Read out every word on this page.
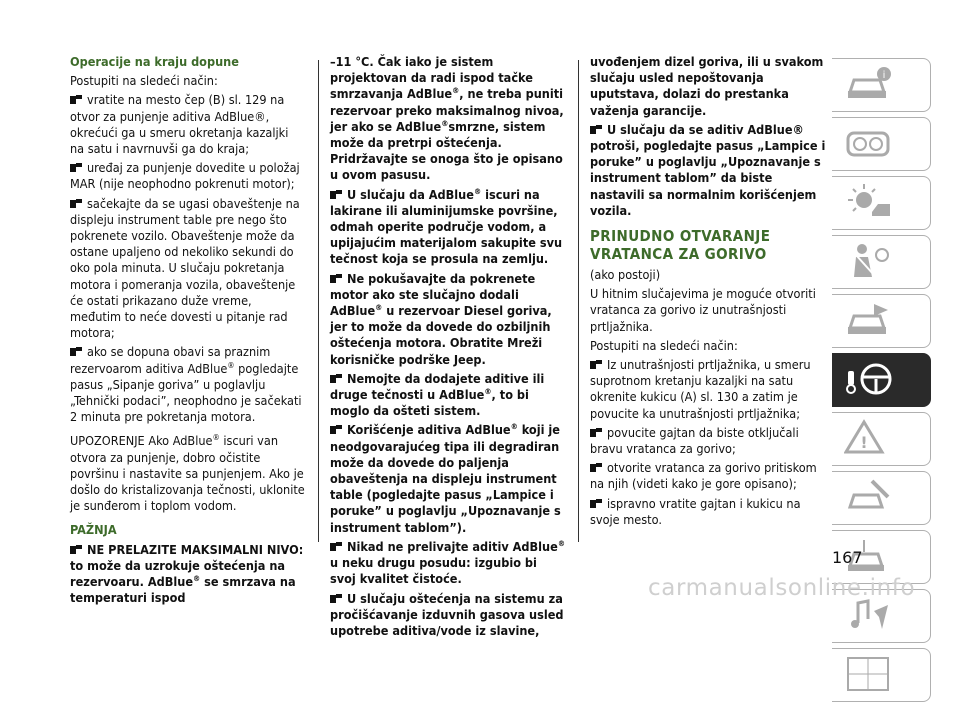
Operacije na kraju dopune

Postupiti na sledeći način:

vratite na mesto čep (B) sl. 129 na otvor za punjenje aditiva AdBlue®, okrećući ga u smeru okretanja kazaljki na satu i navrnuvši ga do kraja;

uređaj za punjenje dovedite u položaj MAR (nije neophodno pokrenuti motor);

sačekajte da se ugasi obaveštenje na displeju instrument table pre nego što pokrenete vozilo. Obaveštenje može da ostane upaljeno od nekoliko sekundi do oko pola minuta. U slučaju pokretanja motora i pomeranja vozila, obaveštenje će ostati prikazano duže vreme, međutim to neće dovesti u pitanje rad motora;

ako se dopuna obavi sa praznim rezervoarom aditiva AdBlue® pogledajte pasus „Sipanje goriva” u poglavlju „Tehnički podaci”, neophodno je sačekati 2 minuta pre pokretanja motora.

UPOZORENJE Ako AdBlue® iscuri van otvora za punjenje, dobro očistite površinu i nastavite sa punjenjem. Ako je došlo do kristalizovanja tečnosti, uklonite je sunđerom i toplom vodom.

PAŽNJA

NE PRELAZITE MAKSIMALNI NIVO: to može da uzrokuje oštećenja na rezervoaru. AdBlue® se smrzava na temperaturi ispod

–11 °C. Čak iako je sistem projektovan da radi ispod tačke smrzavanja AdBlue®, ne treba puniti rezervoar preko maksimalnog nivoa, jer ako se AdBlue®smrzne, sistem može da pretrpi oštećenja. Pridržavajte se onoga što je opisano u ovom pasusu.

U slučaju da AdBlue® iscuri na lakirane ili aluminijumske površine, odmah operite područje vodom, a upijajućim materijalom sakupite svu tečnost koja se prosula na zemlju.

Ne pokušavajte da pokrenete motor ako ste slučajno dodali AdBlue® u rezervoar Diesel goriva, jer to može da dovede do ozbiljnih oštećenja motora. Obratite Mreži korisničke podrške Jeep.

Nemojte da dodajete aditive ili druge tečnosti u AdBlue®, to bi moglo da ošteti sistem.

Korišćenje aditiva AdBlue® koji je neodgovarajućeg tipa ili degradiran može da dovede do paljenja obaveštenja na displeju instrument table (pogledajte pasus „Lampice i poruke” u poglavlju „Upoznavanje s instrument tablom”).

Nikad ne prelivajte aditiv AdBlue® u neku drugu posudu: izgubio bi svoj kvalitet čistoće.

U slučaju oštećenja na sistemu za pročišćavanje izduvnih gasova usled upotrebe aditiva/vode iz slavine,

uvođenjem dizel goriva, ili u svakom slučaju usled nepoštovanja uputstava, dolazi do prestanka važenja garancije.

U slučaju da se aditiv AdBlue® potroši, pogledajte pasus „Lampice i poruke” u poglavlju „Upoznavanje s instrument tablom” da biste nastavili sa normalnim korišćenjem vozila.

PRINUDNO OTVARANJE
VRATANCA ZA GORIVO

(ako postoji)

U hitnim slučajevima je moguće otvoriti vratanca za gorivo iz unutrašnjosti prtljažnika.

Postupiti na sledeći način:

Iz unutrašnjosti prtljažnika, u smeru suprotnom kretanju kazaljki na satu okrenite kukicu (A) sl. 130 a zatim je povucite ka unutrašnjosti prtljažnika;

povucite gajtan da biste otključali bravu vratanca za gorivo;

otvorite vratanca za gorivo pritiskom na njih (videti kako je gore opisano);

ispravno vratite gajtan i kukicu na svoje mesto.

i
!
167
carmanualsonline.info
